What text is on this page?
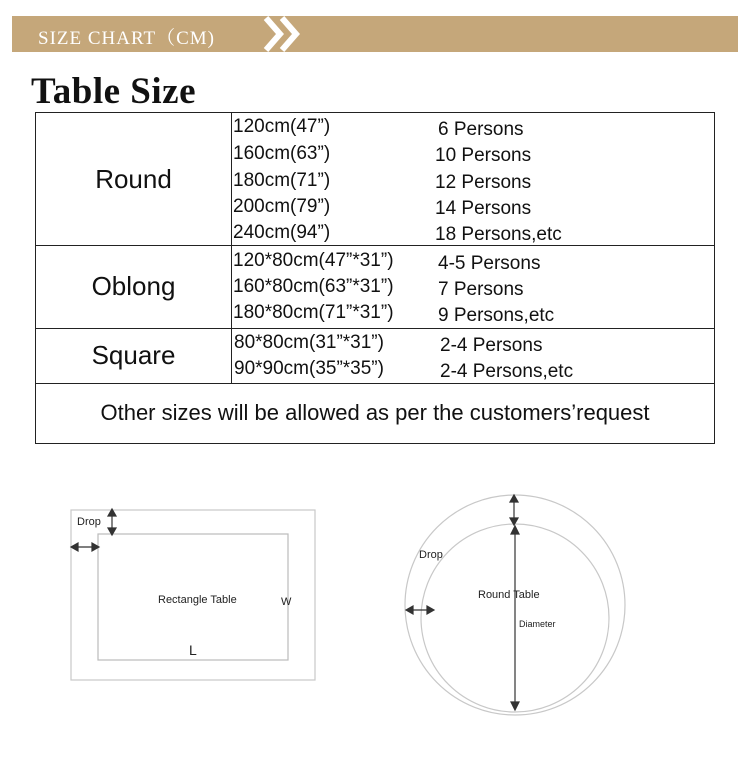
SIZE CHART（CM)
Table Size
Round
120cm(47”)	6 Persons
160cm(63”)	10 Persons
180cm(71”)	12 Persons
200cm(79”)	14 Persons
240cm(94”)	18 Persons,etc
Oblong
120*80cm(47”*31”) 4-5 Persons
160*80cm(63”*31”) 7 Persons
180*80cm(71”*31”) 9 Persons,etc
Square	80*80cm(31”*31”)	2-4 Persons
90*90cm(35”*35”)	2-4 Persons,etc
Other sizes will be allowed as per the customers’request
Drop
Rectangle Table	W
L
Drop
Round Table
Diameter
